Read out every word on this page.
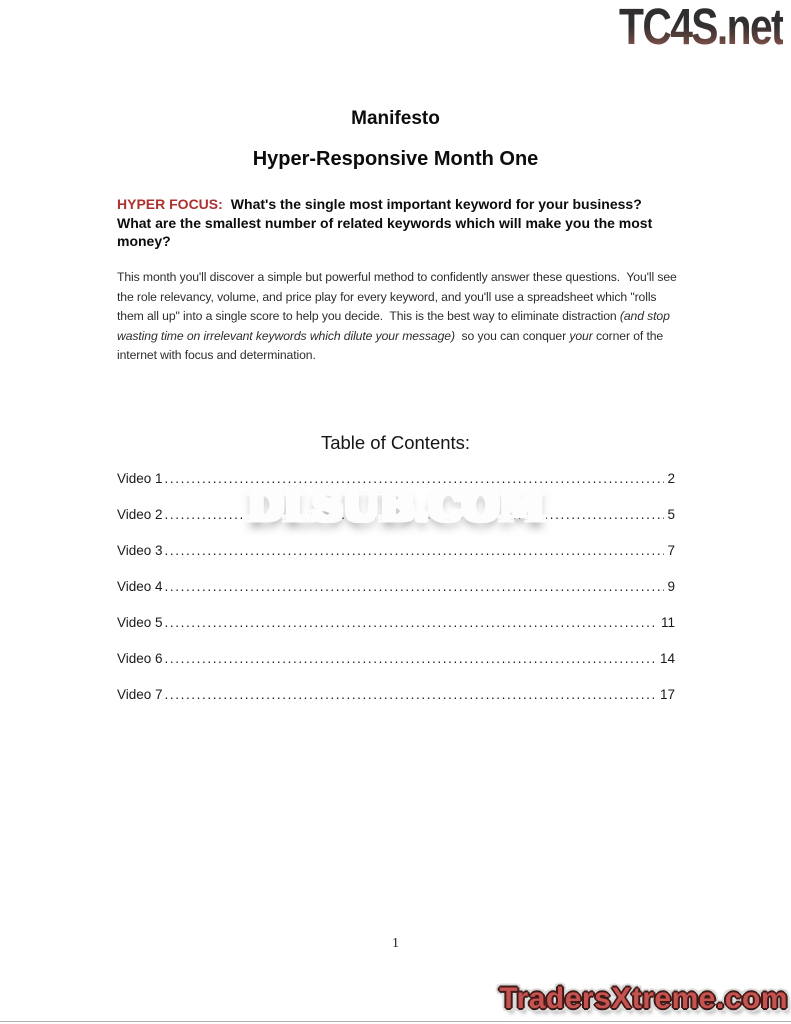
TC4S.net
Manifesto
Hyper-Responsive Month One

HYPER FOCUS: What's the single most important keyword for your business?  What are the smallest number of related keywords which will make you the most money?

This month you'll discover a simple but powerful method to confidently answer these questions.  You'll see the role relevancy, volume, and price play for every keyword, and you'll use a spreadsheet which "rolls them all up" into a single score to help you decide.  This is the best way to eliminate distraction (and stop wasting time on irrelevant keywords which dilute your message)  so you can conquer your corner of the internet with focus and determination.

Table of Contents:
Video 1 .....	2
Video 2 .....	5
Video 3 .....	7
Video 4 .....	9
Video 5 .....	11
Video 6 .....	14
Video 7 .....	17
DLSUB.COM
1
TradersXtreme.com
